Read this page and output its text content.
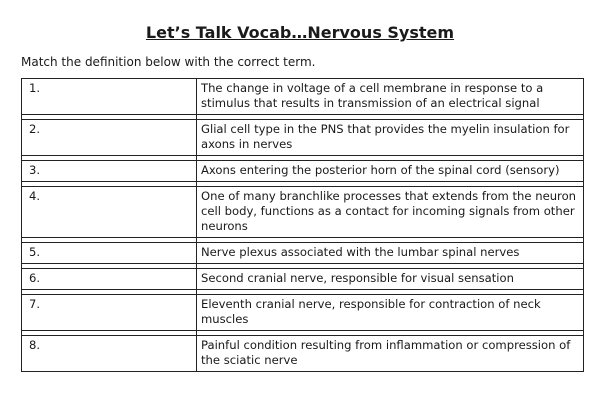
Let’s Talk Vocab…Nervous System
Match the definition below with the correct term.
1.	The change in voltage of a cell membrane in response to a stimulus that results in transmission of an electrical signal

2.	Glial cell type in the PNS that provides the myelin insulation for axons in nerves

3.	Axons entering the posterior horn of the spinal cord (sensory)

4.	One of many branchlike processes that extends from the neuron cell body, functions as a contact for incoming signals from other neurons

5.	Nerve plexus associated with the lumbar spinal nerves

6.	Second cranial nerve, responsible for visual sensation

7.	Eleventh cranial nerve, responsible for contraction of neck muscles

8.	Painful condition resulting from inflammation or compression of the sciatic nerve
